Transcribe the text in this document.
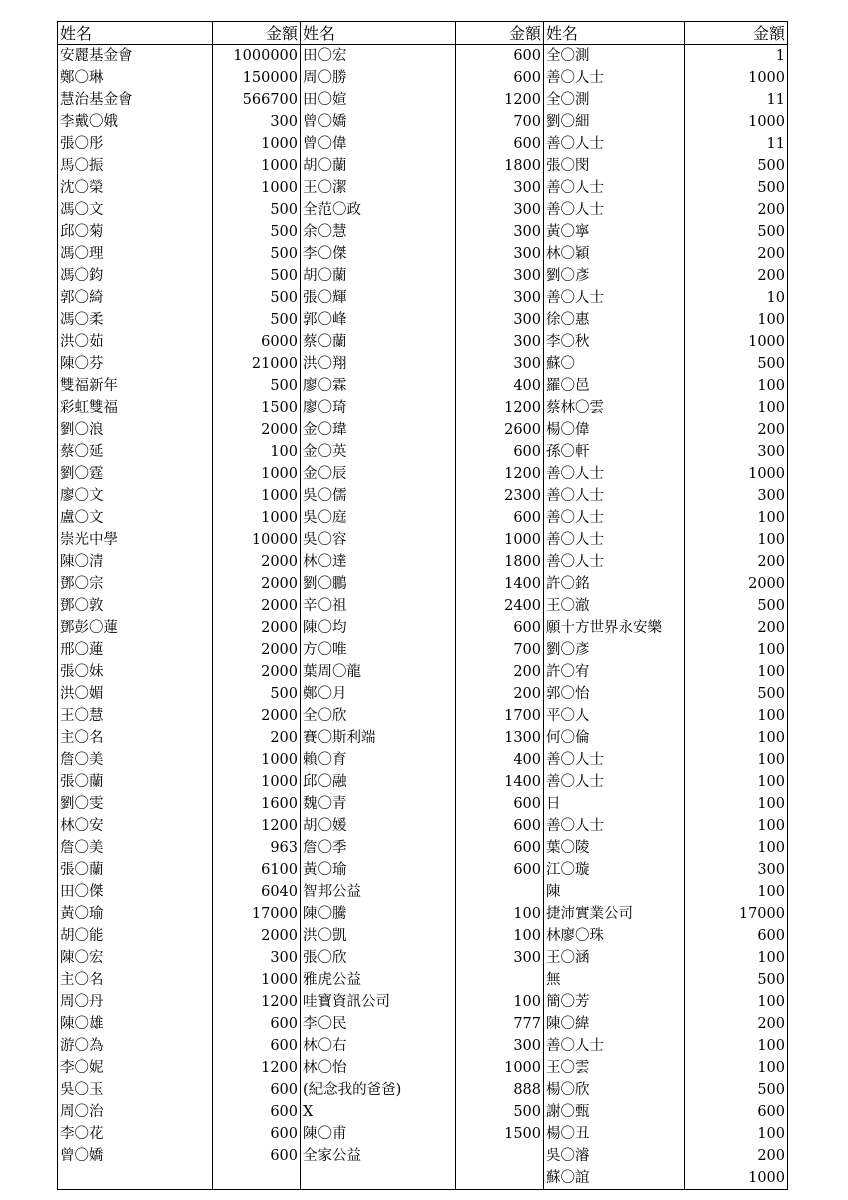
姓名	金額	姓名	金額	姓名	金額
安麗基金會	1000000	田〇宏	600	全〇測	1
鄭〇琳	150000	周〇勝	600	善〇人士	1000
慧治基金會	566700	田〇媗	1200	全〇測	11
李戴〇娥	300	曾〇嬌	700	劉〇細	1000
張〇彤	1000	曾〇偉	600	善〇人士	11
馬〇振	1000	胡〇蘭	1800	張〇閔	500
沈〇榮	1000	王〇潔	300	善〇人士	500
馮〇文	500	全范〇政	300	善〇人士	200
邱〇菊	500	余〇慧	300	黃〇寧	500
馮〇理	500	李〇傑	300	林〇穎	200
馮〇鈞	500	胡〇蘭	300	劉〇彥	200
郭〇綺	500	張〇輝	300	善〇人士	10
馮〇柔	500	郭〇峰	300	徐〇惠	100
洪〇茹	6000	蔡〇蘭	300	李〇秋	1000
陳〇芬	21000	洪〇翔	300	蘇〇	500
雙福新年	500	廖〇霖	400	羅〇邑	100
彩虹雙福	1500	廖〇琦	1200	蔡林〇雲	100
劉〇浪	2000	金〇瑋	2600	楊〇偉	200
蔡〇延	100	金〇英	600	孫〇軒	300
劉〇霆	1000	金〇辰	1200	善〇人士	1000
廖〇文	1000	吳〇儒	2300	善〇人士	300
盧〇文	1000	吳〇庭	600	善〇人士	100
崇光中學	10000	吳〇容	1000	善〇人士	100
陳〇清	2000	林〇達	1800	善〇人士	200
鄧〇宗	2000	劉〇鵬	1400	許〇銘	2000
鄧〇敦	2000	辛〇祖	2400	王〇澈	500
鄧彭〇蓮	2000	陳〇均	600	願十方世界永安樂	200
邢〇蓮	2000	方〇唯	700	劉〇彥	100
張〇妹	2000	葉周〇龍	200	許〇宥	100
洪〇媚	500	鄭〇月	200	郭〇怡	500
王〇慧	2000	全〇欣	1700	平〇人	100
主〇名	200	賽〇斯利端	1300	何〇倫	100
詹〇美	1000	賴〇育	400	善〇人士	100
張〇蘭	1000	邱〇融	1400	善〇人士	100
劉〇雯	1600	魏〇青	600	日	100
林〇安	1200	胡〇媛	600	善〇人士	100
詹〇美	963	詹〇季	600	葉〇陵	100
張〇蘭	6100	黃〇瑜	600	江〇璇	300
田〇傑	6040	智邦公益		陳	100
黃〇瑜	17000	陳〇騰	100	捷沛實業公司	17000
胡〇能	2000	洪〇凱	100	林廖〇珠	600
陳〇宏	300	張〇欣	300	王〇涵	100
主〇名	1000	雅虎公益		無	500
周〇丹	1200	哇寶資訊公司	100	簡〇芳	100
陳〇雄	600	李〇民	777	陳〇緯	200
游〇為	600	林〇右	300	善〇人士	100
李〇妮	1200	林〇怡	1000	王〇雲	100
吳〇玉	600	(紀念我的爸爸)	888	楊〇欣	500
周〇治	600	X	500	謝〇甄	600
李〇花	600	陳〇甫	1500	楊〇丑	100
曾〇嬌	600	全家公益		吳〇濬	200
				蘇〇誼	1000
